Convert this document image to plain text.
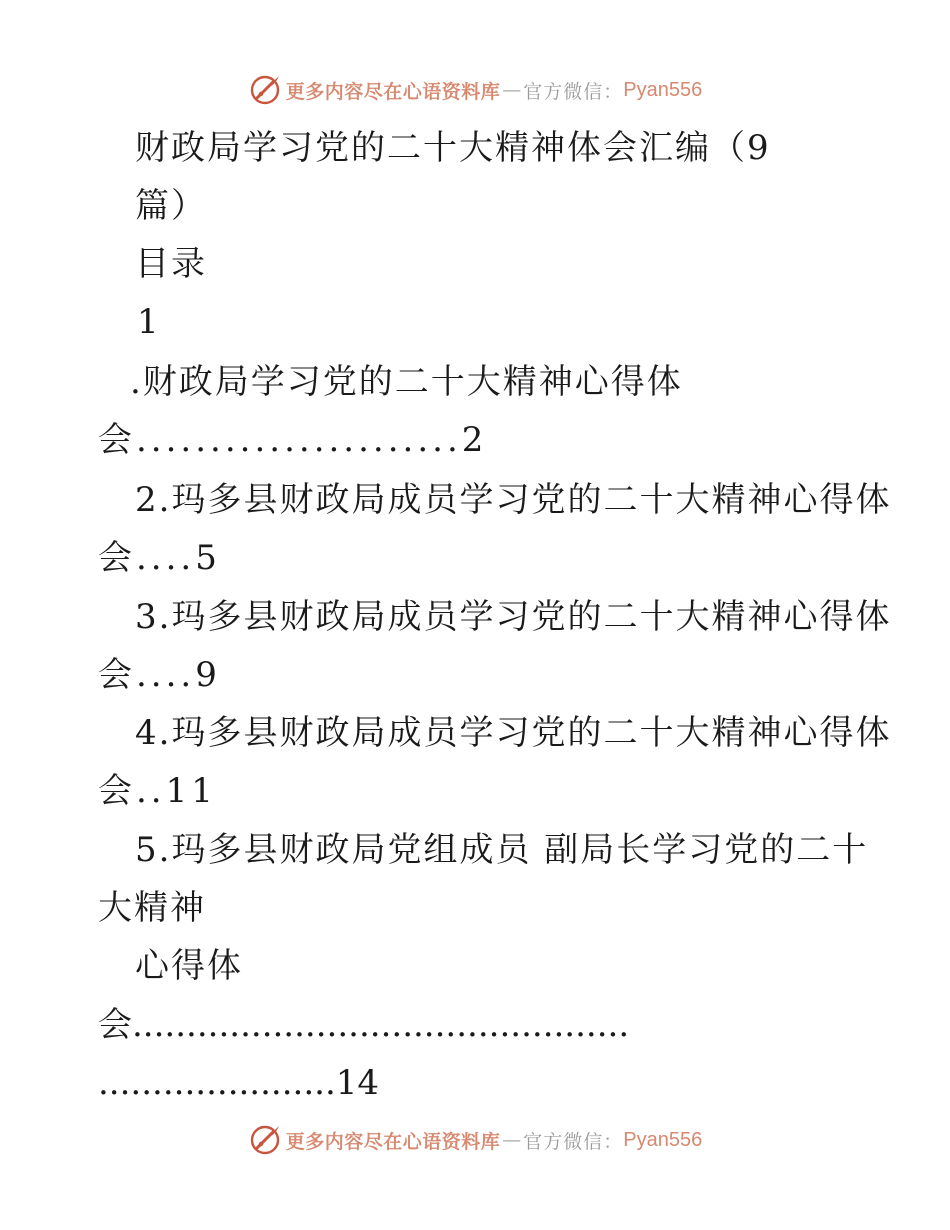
更多内容尽在心语资料库 — 官方微信： Pyan556
财政局学习党的二十大精神体会汇编（9
篇）
目录
1
.财政局学习党的二十大精神心得体
会......................2
2.玛多县财政局成员学习党的二十大精神心得体
会....5
3.玛多县财政局成员学习党的二十大精神心得体
会....9
4.玛多县财政局成员学习党的二十大精神心得体
会..11
5.玛多县财政局党组成员 副局长学习党的二十
大精神
心得体
会..............................................
......................14
更多内容尽在心语资料库 — 官方微信： Pyan556
